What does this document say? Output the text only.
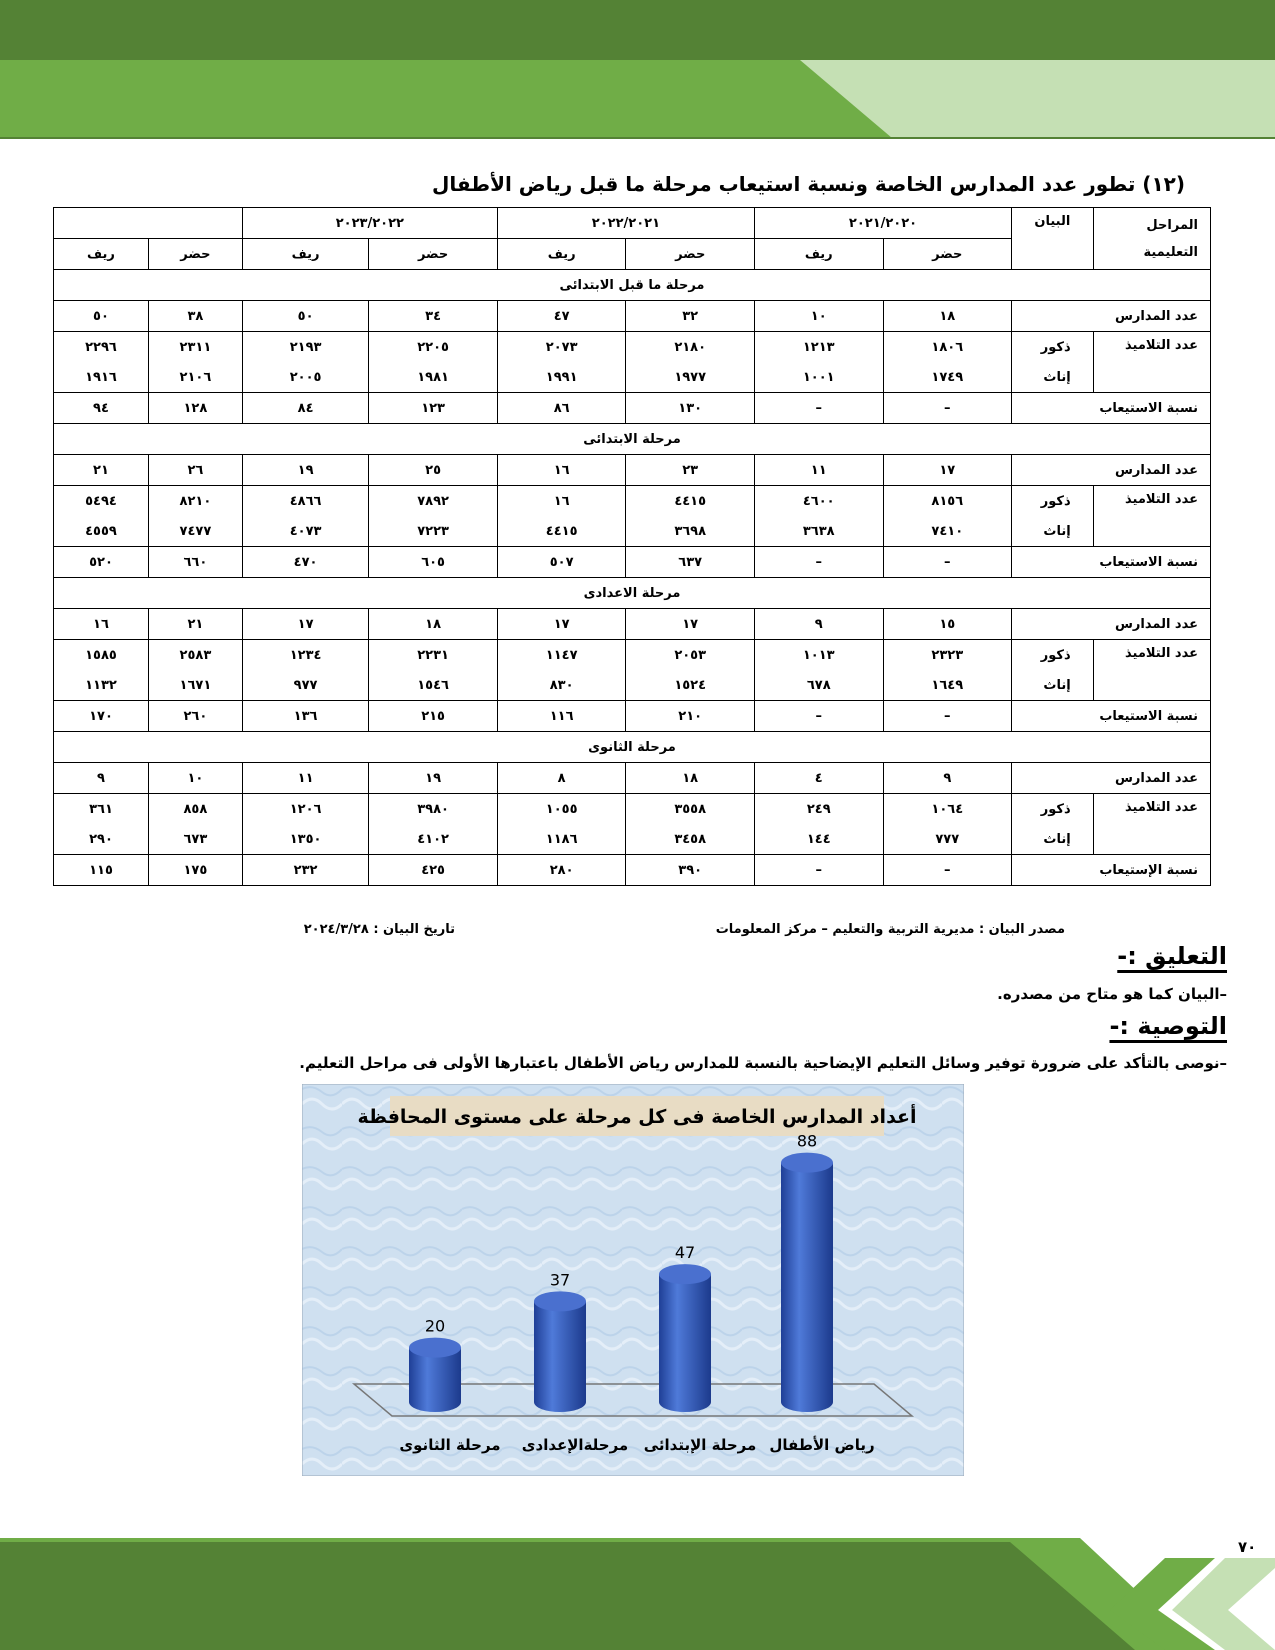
(١٢) تطور عدد المدارس الخاصة ونسبة استيعاب مرحلة ما قبل رياض الأطفال
المراحل
التعليمية	البيان	٢٠٢١/٢٠٢٠		٢٠٢٢/٢٠٢١		٢٠٢٣/٢٠٢٢			
		حضر	ريف	حضر	ريف	حضر	ريف	حضر	ريف
مرحلة ما قبل الابتدائى									
عدد المدارس		١٨	١٠	٣٢	٤٧	٣٤	٥٠	٣٨	٥٠
عدد التلاميذ	ذكور	١٨٠٦	١٢١٣	٢١٨٠	٢٠٧٣	٢٢٠٥	٢١٩٣	٢٣١١	٢٢٩٦
	إناث	١٧٤٩	١٠٠١	١٩٧٧	١٩٩١	١٩٨١	٢٠٠٥	٢١٠٦	١٩١٦
نسبة الاستيعاب		–	–	١٣٠	٨٦	١٢٣	٨٤	١٢٨	٩٤
مرحلة الابتدائى									
عدد المدارس		١٧	١١	٢٣	١٦	٢٥	١٩	٢٦	٢١
عدد التلاميذ	ذكور	٨١٥٦	٤٦٠٠	٤٤١٥	١٦	٧٨٩٢	٤٨٦٦	٨٢١٠	٥٤٩٤
	إناث	٧٤١٠	٣٦٣٨	٣٦٩٨	٤٤١٥	٧٢٢٣	٤٠٧٣	٧٤٧٧	٤٥٥٩
نسبة الاستيعاب		–	–	٦٣٧	٥٠٧	٦٠٥	٤٧٠	٦٦٠	٥٢٠
مرحلة الاعدادى									
عدد المدارس		١٥	٩	١٧	١٧	١٨	١٧	٢١	١٦
عدد التلاميذ	ذكور	٢٣٢٣	١٠١٣	٢٠٥٣	١١٤٧	٢٢٣١	١٢٣٤	٢٥٨٣	١٥٨٥
	إناث	١٦٤٩	٦٧٨	١٥٢٤	٨٣٠	١٥٤٦	٩٧٧	١٦٧١	١١٣٢
نسبة الاستيعاب		–	–	٢١٠	١١٦	٢١٥	١٣٦	٢٦٠	١٧٠
مرحلة الثانوى									
عدد المدارس		٩	٤	١٨	٨	١٩	١١	١٠	٩
عدد التلاميذ	ذكور	١٠٦٤	٢٤٩	٣٥٥٨	١٠٥٥	٣٩٨٠	١٢٠٦	٨٥٨	٣٦١
	إناث	٧٧٧	١٤٤	٣٤٥٨	١١٨٦	٤١٠٢	١٣٥٠	٦٧٣	٢٩٠
نسبة الإستيعاب		–	–	٣٩٠	٢٨٠	٤٢٥	٢٣٢	١٧٥	١١٥
مصدر البيان : مديرية التربية والتعليم – مركز المعلومات
تاريخ البيان : ٢٠٢٤/٣/٢٨
التعليق :-
–البيان كما هو متاح من مصدره.
التوصية :-
–نوصى بالتأكد على ضرورة توفير وسائل التعليم الإيضاحية بالنسبة للمدارس رياض الأطفال باعتبارها الأولى فى مراحل التعليم.
أعداد المدارس الخاصة فى كل مرحلة على مستوى المحافظة
20
مرحلة الثانوى
37
مرحلةالإعدادى
47
مرحلة الإبتدائى
88
رياض الأطفال
٧٠
